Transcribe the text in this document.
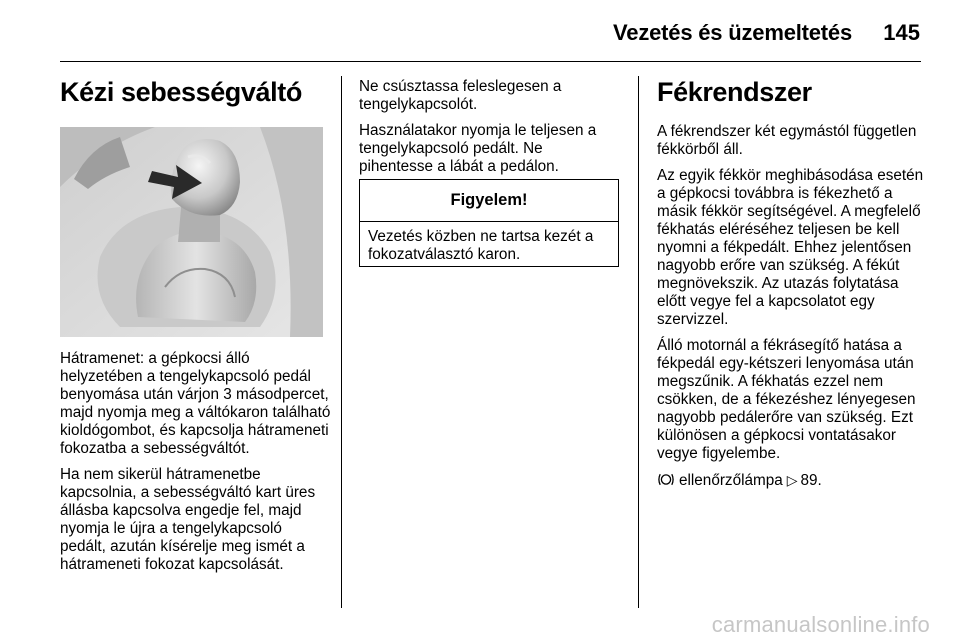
Vezetés és üzemeltetés	145
Kézi sebességváltó

Hátramenet: a gépkocsi álló helyzetében a tengelykapcsoló pedál benyomása után várjon 3 másodpercet, majd nyomja meg a váltókaron található kioldógombot, és kapcsolja hátrameneti fokozatba a sebességváltót.

Ha nem sikerül hátramenetbe kapcsolnia, a sebességváltó kart üres állásba kapcsolva engedje fel, majd nyomja le újra a tengelykapcsoló pedált, azután kísérelje meg ismét a hátrameneti fokozat kapcsolását.

Ne csúsztassa feleslegesen a tengelykapcsolót.

Használatakor nyomja le teljesen a tengelykapcsoló pedált. Ne pihentesse a lábát a pedálon.

Figyelem!
Vezetés közben ne tartsa kezét a fokozatválasztó karon.
Fékrendszer

A fékrendszer két egymástól független fékkörből áll.

Az egyik fékkör meghibásodása esetén a gépkocsi továbbra is fékezhető a másik fékkör segítségével. A megfelelő fékhatás eléréséhez teljesen be kell nyomni a fékpedált. Ehhez jelentősen nagyobb erőre van szükség. A fékút megnövekszik. Az utazás folytatása előtt vegye fel a kapcsolatot egy szervizzel.

Álló motornál a fékrásegítő hatása a fékpedál egy-kétszeri lenyomása után megszűnik. A fékhatás ezzel nem csökken, de a fékezéshez lényegesen nagyobb pedálerőre van szükség. Ezt különösen a gépkocsi vontatásakor vegye figyelembe.

ellenőrzőlámpa ▷ 89.

carmanualsonline.info
